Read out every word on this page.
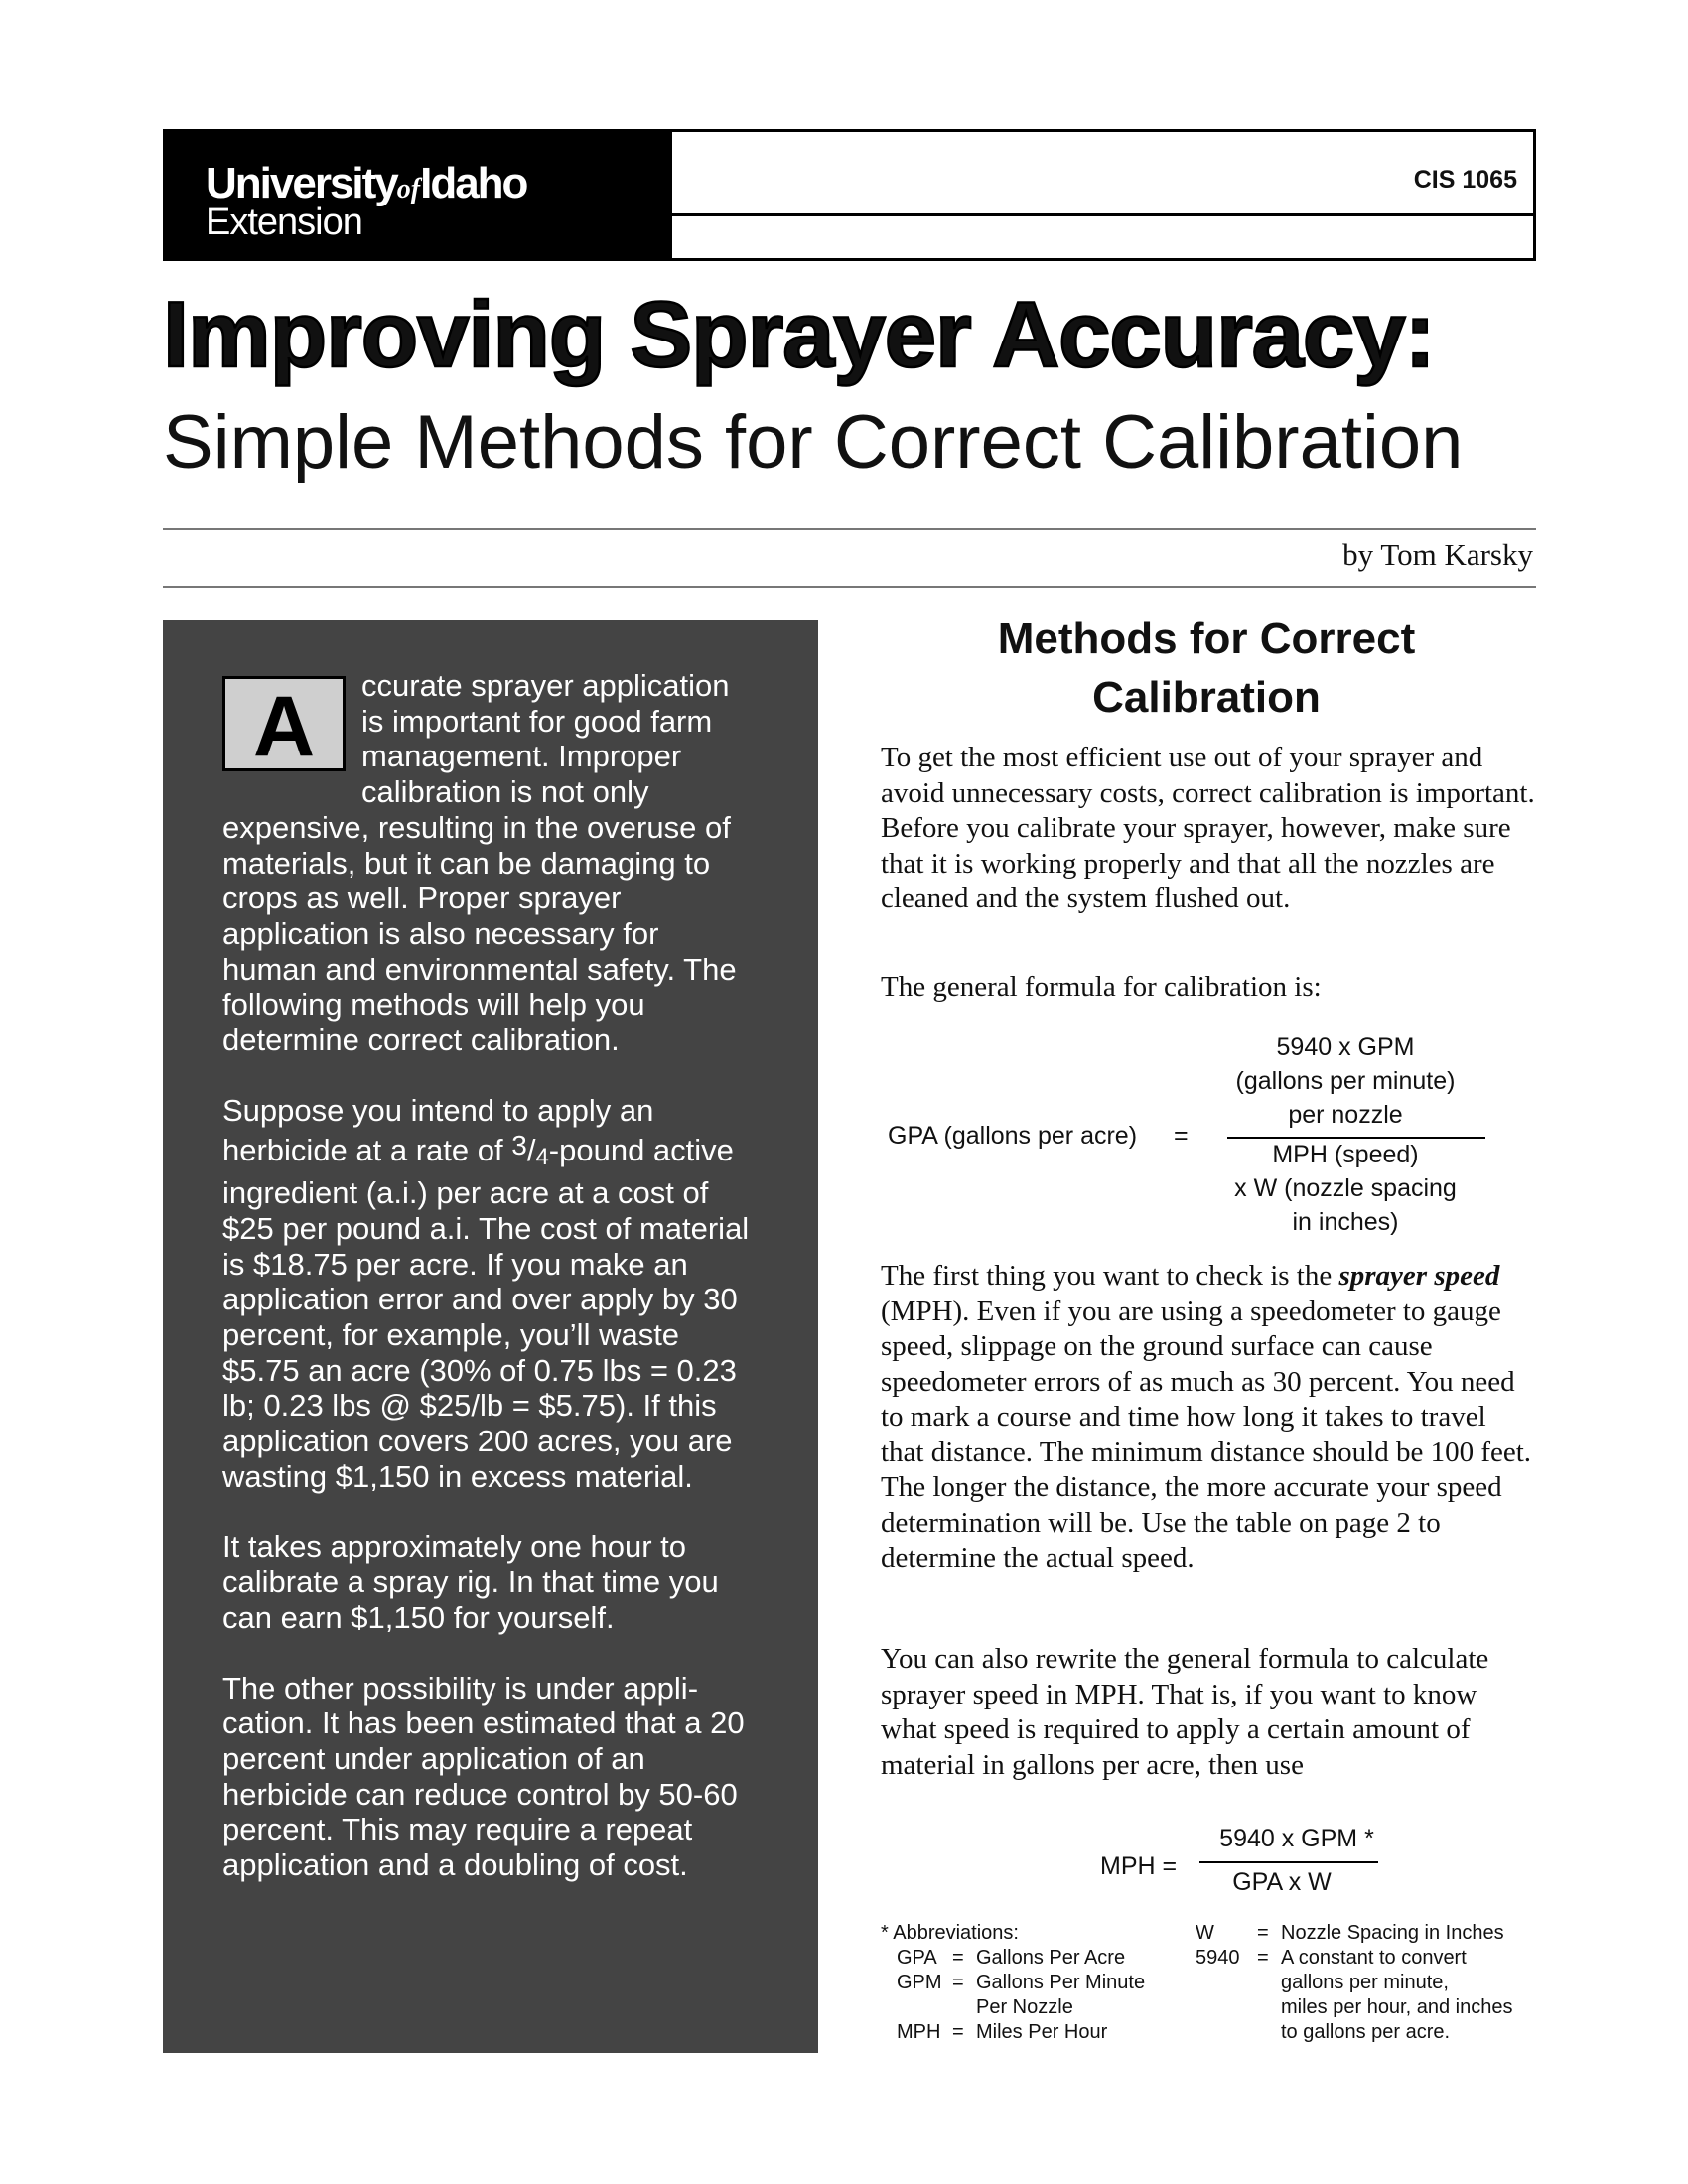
UniversityofIdaho
Extension
CIS 1065
Improving Sprayer Accuracy:
Simple Methods for Correct Calibration
by Tom Karsky

A	ccurate sprayer application is important for good farm management. Improper calibration is not only expensive, resulting in the overuse of materials, but it can be damaging to crops as well. Proper sprayer application is also necessary for human and environmental safety. The following methods will help you determine correct calibration.

Suppose you intend to apply an herbicide at a rate of 3/4-pound active ingredient (a.i.) per acre at a cost of $25 per pound a.i. The cost of material is $18.75 per acre. If you make an application error and over apply by 30 percent, for example, you’ll waste $5.75 an acre (30% of 0.75 lbs = 0.23 lb; 0.23 lbs @ $25/lb = $5.75). If this application covers 200 acres, you are wasting $1,150 in excess material.

It takes approximately one hour to calibrate a spray rig. In that time you can earn $1,150 for yourself.

The other possibility is under application. It has been estimated that a 20 percent under application of an herbicide can reduce control by 50-60 percent. This may require a repeat application and a doubling of cost.

Methods for Correct
Calibration

To get the most efficient use out of your sprayer and avoid unnecessary costs, correct calibration is important. Before you calibrate your sprayer, however, make sure that it is working properly and that all the nozzles are cleaned and the system flushed out.

The general formula for calibration is:

GPA (gallons per acre) =
5940 x GPM
(gallons per minute)
per nozzle
MPH (speed)
x W (nozzle spacing
in inches)

The first thing you want to check is the sprayer speed (MPH). Even if you are using a speedometer to gauge speed, slippage on the ground surface can cause speedometer errors of as much as 30 percent. You need to mark a course and time how long it takes to travel that distance. The minimum distance should be 100 feet. The longer the distance, the more accurate your speed determination will be. Use the table on page 2 to determine the actual speed.

You can also rewrite the general formula to calculate sprayer speed in MPH. That is, if you want to know what speed is required to apply a certain amount of material in gallons per acre, then use

MPH =
5940 x GPM *
GPA x W
* Abbreviations:
GPA = Gallons Per Acre
GPM = Gallons Per Minute
Per Nozzle
MPH = Miles Per Hour
W	= Nozzle Spacing in Inches
5940 = A constant to convert
gallons per minute,
miles per hour, and inches
to gallons per acre.
